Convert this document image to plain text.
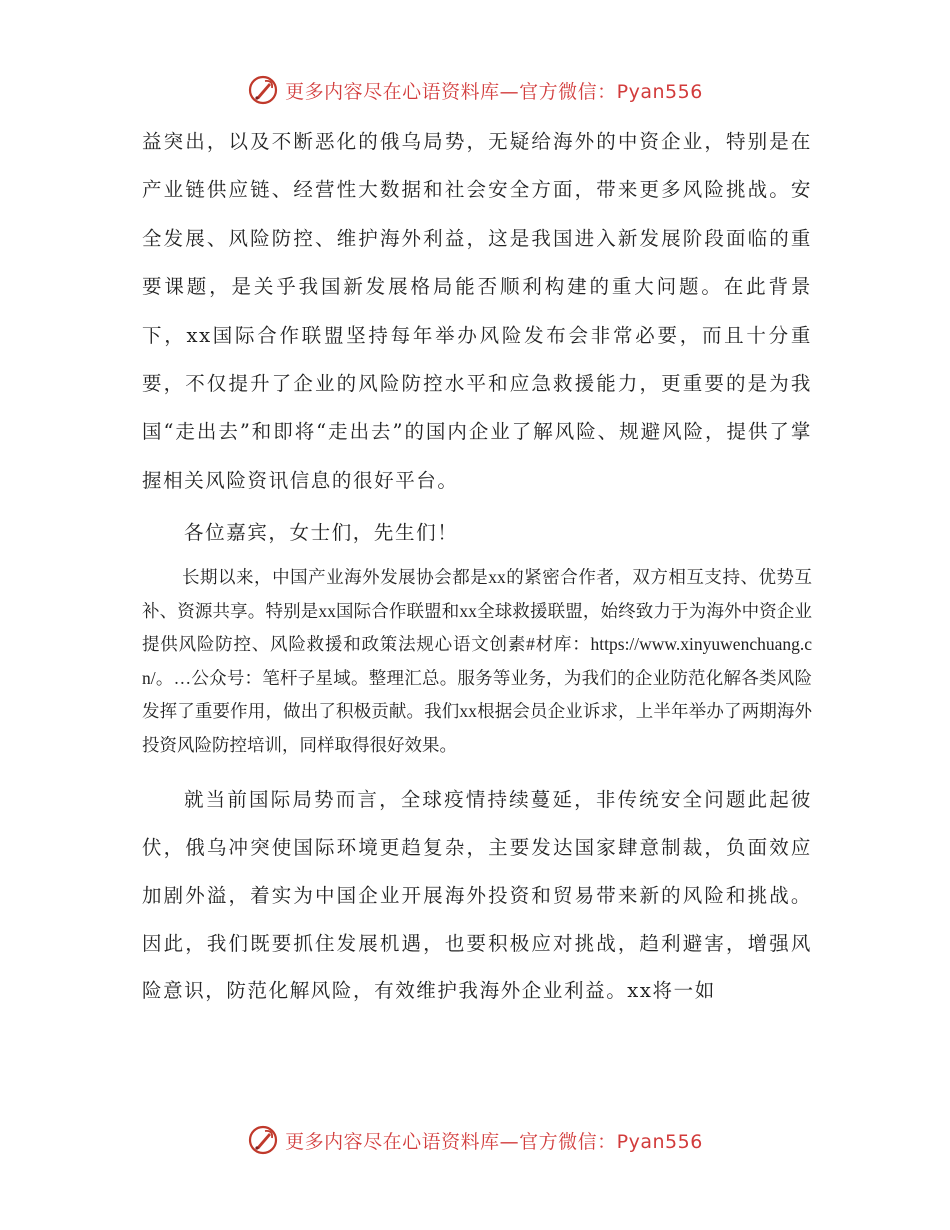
更多内容尽在心语资料库—官方微信：Pyan556

益突出，以及不断恶化的俄乌局势，无疑给海外的中资企业，特别是在产业链供应链、经营性大数据和社会安全方面，带来更多风险挑战。安全发展、风险防控、维护海外利益，这是我国进入新发展阶段面临的重要课题，是关乎我国新发展格局能否顺利构建的重大问题。在此背景下，xx国际合作联盟坚持每年举办风险发布会非常必要，而且十分重要，不仅提升了企业的风险防控水平和应急救援能力，更重要的是为我国“走出去”和即将“走出去”的国内企业了解风险、规避风险，提供了掌握相关风险资讯信息的很好平台。

各位嘉宾，女士们，先生们！

长期以来，中国产业海外发展协会都是xx的紧密合作者，双方相互支持、优势互补、资源共享。特别是xx国际合作联盟和xx全球救援联盟，始终致力于为海外中资企业提供风险防控、风险救援和政策法规心语文创素#材库：https://www.xinyuwenchuang.cn/。…公众号：笔杆子星域。整理汇总。服务等业务，为我们的企业防范化解各类风险发挥了重要作用，做出了积极贡献。我们xx根据会员企业诉求，上半年举办了两期海外投资风险防控培训，同样取得很好效果。

就当前国际局势而言，全球疫情持续蔓延，非传统安全问题此起彼伏，俄乌冲突使国际环境更趋复杂，主要发达国家肆意制裁，负面效应加剧外溢，着实为中国企业开展海外投资和贸易带来新的风险和挑战。因此，我们既要抓住发展机遇，也要积极应对挑战，趋利避害，增强风险意识，防范化解风险，有效维护我海外企业利益。xx将一如

更多内容尽在心语资料库—官方微信：Pyan556
